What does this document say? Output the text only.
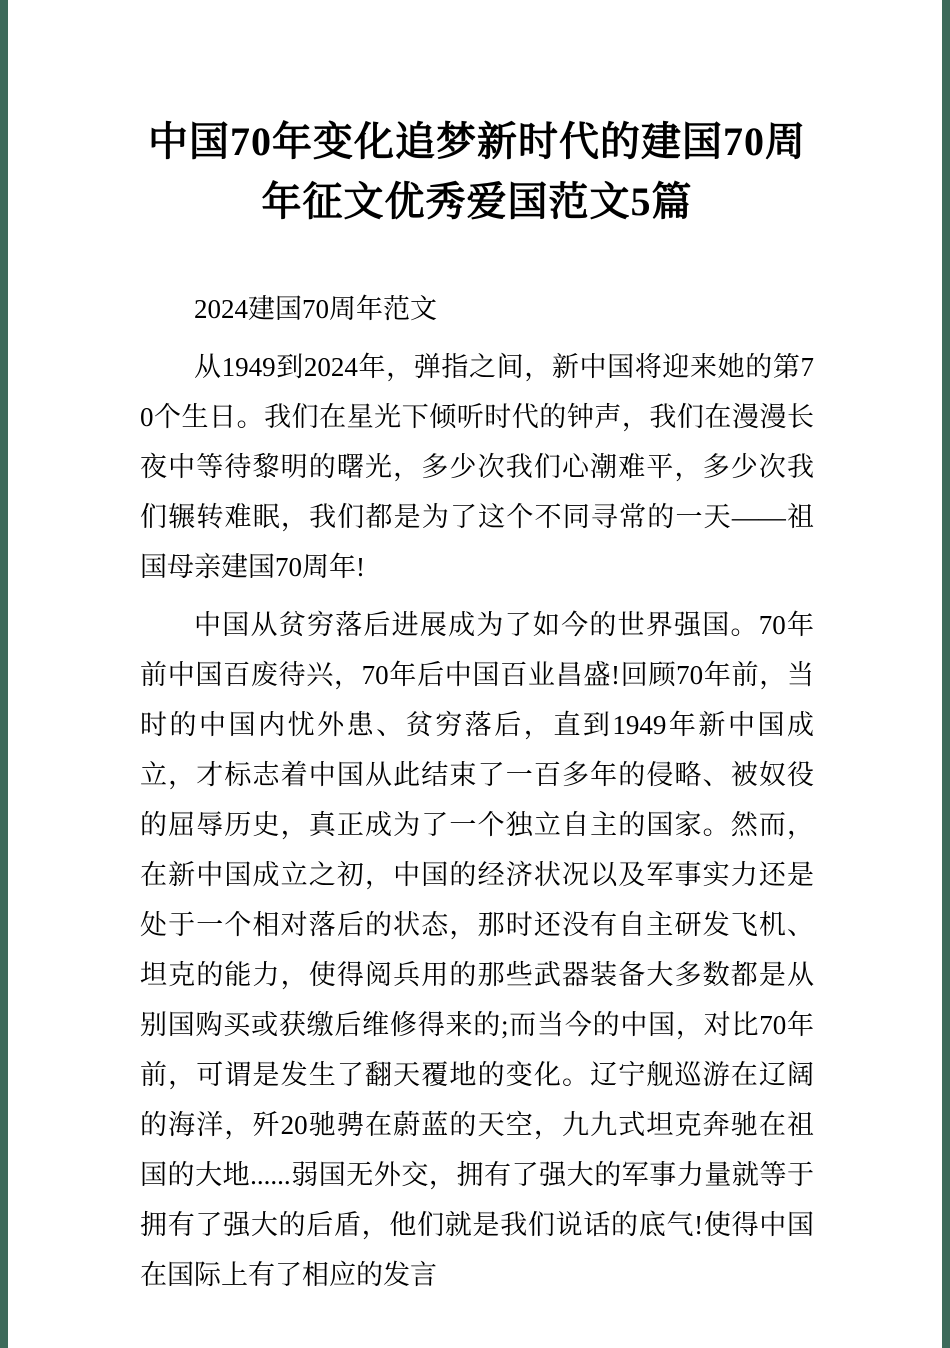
中国70年变化追梦新时代的建国70周年征文优秀爱国范文5篇

2024建国70周年范文

从1949到2024年，弹指之间，新中国将迎来她的第70个生日。我们在星光下倾听时代的钟声，我们在漫漫长夜中等待黎明的曙光，多少次我们心潮难平，多少次我们辗转难眠，我们都是为了这个不同寻常的一天——祖国母亲建国70周年!

中国从贫穷落后进展成为了如今的世界强国。70年前中国百废待兴，70年后中国百业昌盛!回顾70年前，当时的中国内忧外患、贫穷落后，直到1949年新中国成立，才标志着中国从此结束了一百多年的侵略、被奴役的屈辱历史，真正成为了一个独立自主的国家。然而，在新中国成立之初，中国的经济状况以及军事实力还是处于一个相对落后的状态，那时还没有自主研发飞机、坦克的能力，使得阅兵用的那些武器装备大多数都是从别国购买或获缴后维修得来的;而当今的中国，对比70年前，可谓是发生了翻天覆地的变化。辽宁舰巡游在辽阔的海洋，歼20驰骋在蔚蓝的天空，九九式坦克奔驰在祖国的大地......弱国无外交，拥有了强大的军事力量就等于拥有了强大的后盾，他们就是我们说话的底气!使得中国在国际上有了相应的发言
